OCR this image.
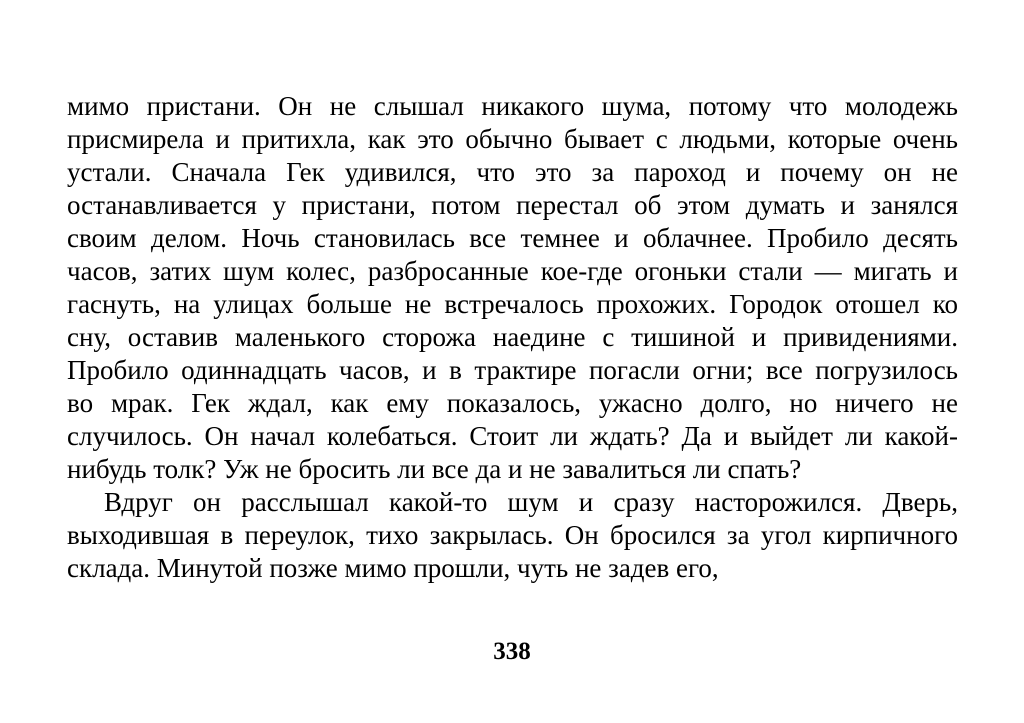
мимо пристани. Он не слышал никакого шума, потому что молодежь
присмирела и притихла, как это обычно бывает с людьми, которые очень
устали. Сначала Гек удивился, что это за пароход и почему он не
останавливается у пристани, потом перестал об этом думать и занялся
своим делом. Ночь становилась все темнее и облачнее. Пробило десять
часов, затих шум колес, разбросанные кое-где огоньки стали — мигать и
гаснуть, на улицах больше не встречалось прохожих. Городок отошел ко
сну, оставив маленького сторожа наедине с тишиной и привидениями.
Пробило одиннадцать часов, и в трактире погасли огни; все погрузилось
во мрак. Гек ждал, как ему показалось, ужасно долго, но ничего не
случилось. Он начал колебаться. Стоит ли ждать? Да и выйдет ли какой-
нибудь толк? Уж не бросить ли все да и не завалиться ли спать?
Вдруг он расслышал какой-то шум и сразу насторожился. Дверь,
выходившая в переулок, тихо закрылась. Он бросился за угол кирпичного
склада. Минутой позже мимо прошли, чуть не задев его,
338
